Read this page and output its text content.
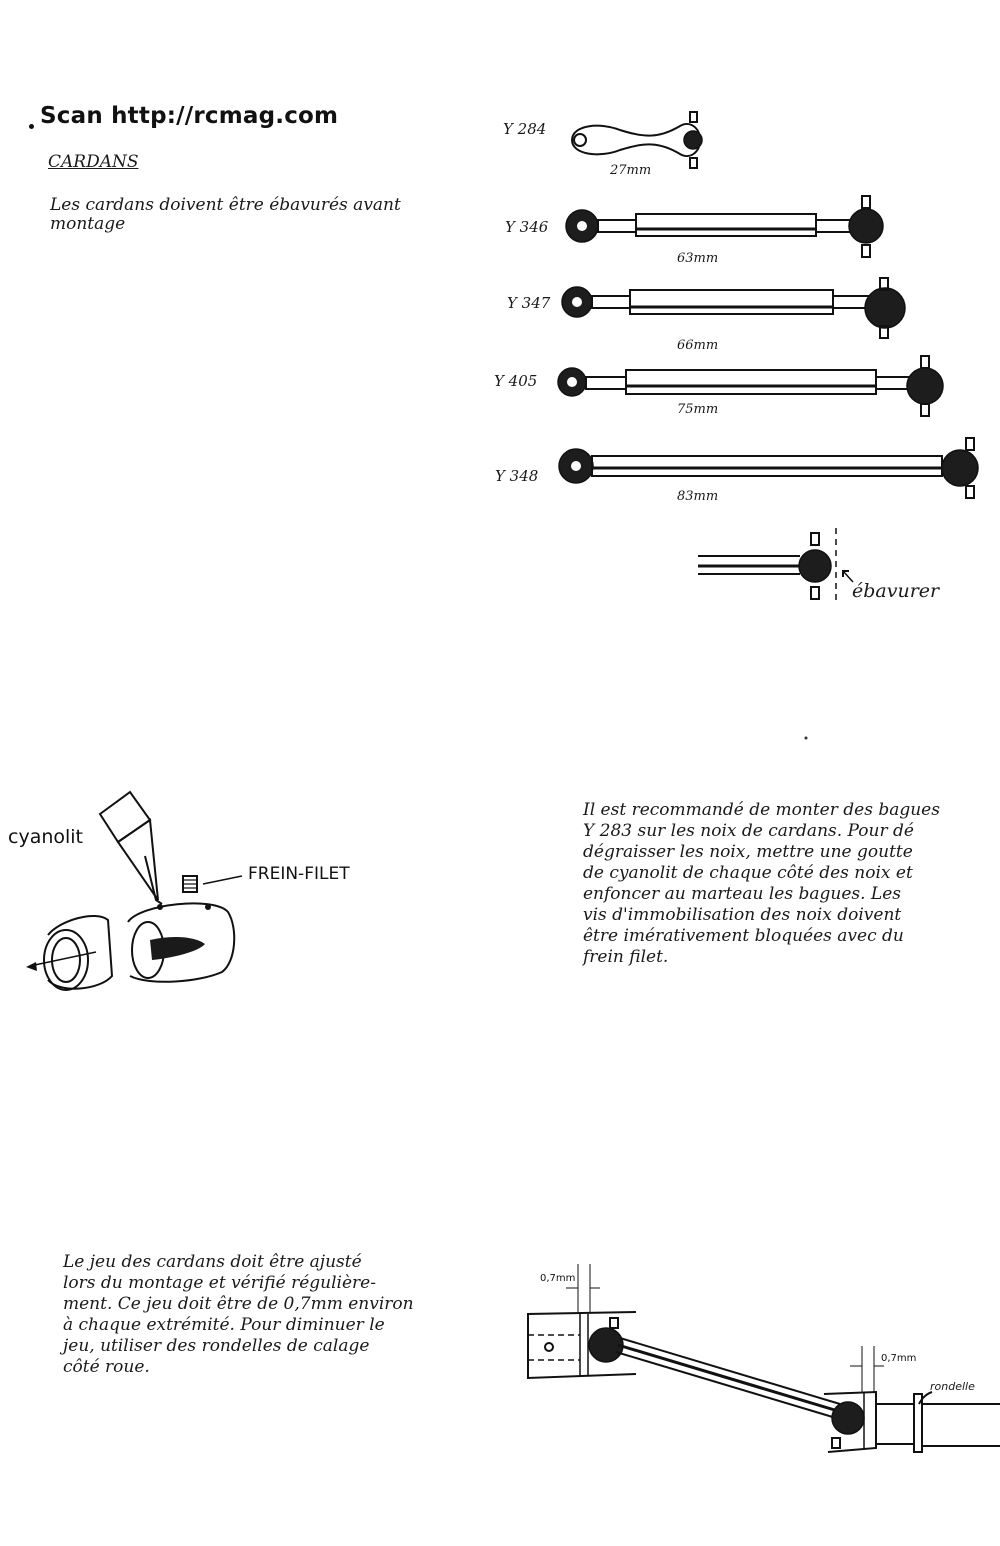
Scan http://rcmag.com
CARDANS
Les cardans doivent être ébavurés avant montage
Y 284
27mm
Y 346
63mm
Y 347
66mm
Y 405
75mm
Y 348
83mm
ébavurer
cyanolit
FREIN-FILET
Il est recommandé de monter des bagues
Y 283 sur les noix de cardans. Pour dé
dégraisser les noix, mettre une goutte
de cyanolit de chaque côté des noix et
enfoncer au marteau les bagues. Les
vis d'immobilisation des noix doivent
être imérativement bloquées avec du
frein filet.
Le jeu des cardans doit être ajusté
lors du montage et vérifié régulière-
ment. Ce jeu doit être de 0,7mm environ
à chaque extrémité. Pour diminuer le
jeu, utiliser des rondelles de calage
côté roue.
0,7mm
0,7mm
rondelle
